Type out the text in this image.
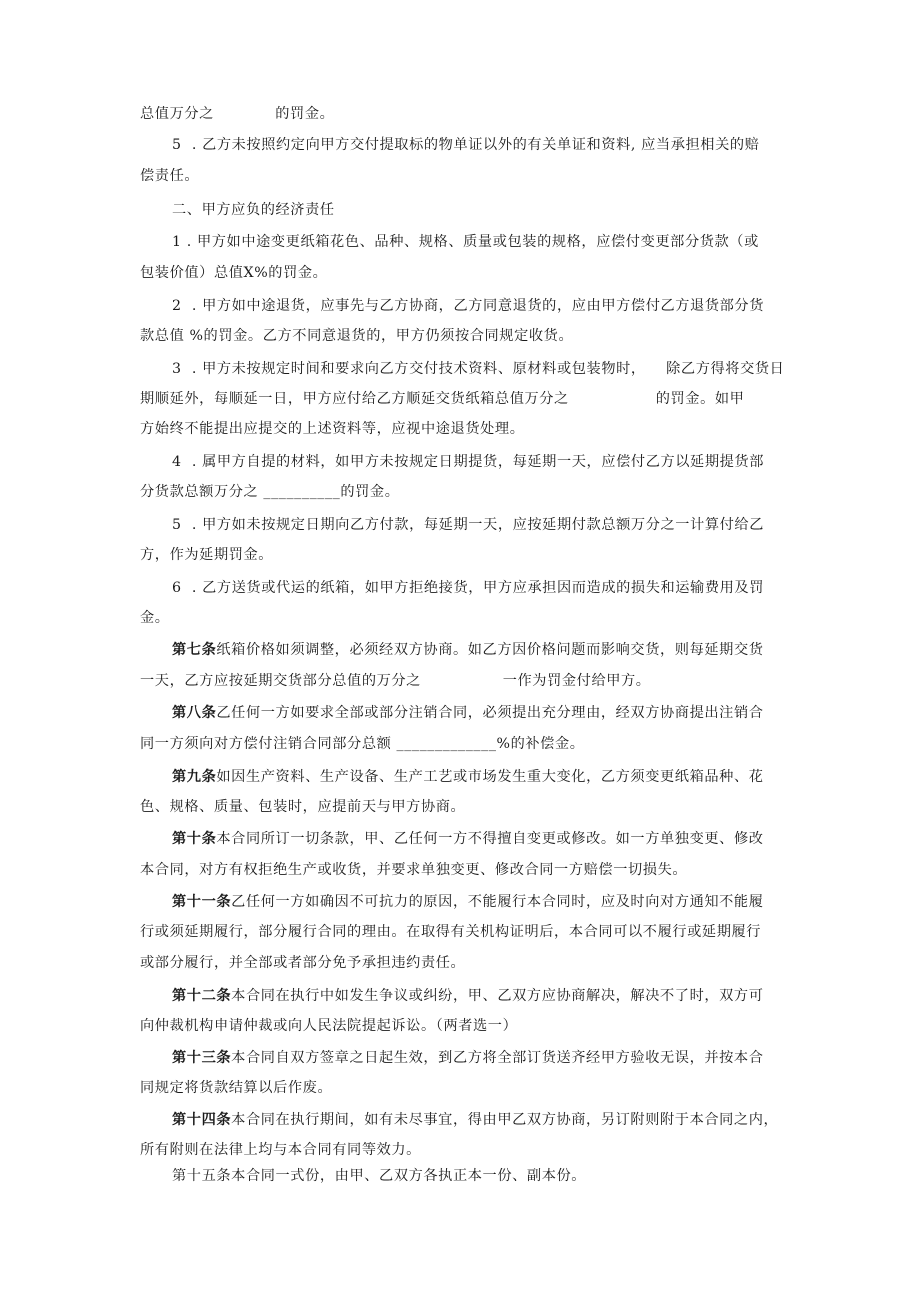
总值万分之            的罚金。
5  . 乙方未按照约定向甲方交付提取标的物单证以外的有关单证和资料, 应当承担相关的赔
偿责任。
二、甲方应负的经济责任
1 . 甲方如中途变更纸箱花色、品种、规格、质量或包装的规格，应偿付变更部分货款（或
包装价值）总值X%的罚金。
2  . 甲方如中途退货，应事先与乙方协商，乙方同意退货的，应由甲方偿付乙方退货部分货
款总值 %的罚金。乙方不同意退货的，甲方仍须按合同规定收货。
3  . 甲方未按规定时间和要求向乙方交付技术资料、原材料或包装物时，    除乙方得将交货日
期顺延外，每顺延一日，甲方应付给乙方顺延交货纸箱总值万分之                 的罚金。如甲
方始终不能提出应提交的上述资料等，应视中途退货处理。
4  . 属甲方自提的材料，如甲方未按规定日期提货，每延期一天，应偿付乙方以延期提货部
分货款总额万分之 __________的罚金。
5  . 甲方如未按规定日期向乙方付款，每延期一天，应按延期付款总额万分之一计算付给乙
方，作为延期罚金。
6  . 乙方送货或代运的纸箱，如甲方拒绝接货，甲方应承担因而造成的损失和运输费用及罚
金。
第七条纸箱价格如须调整，必须经双方协商。如乙方因价格问题而影响交货，则每延期交货
一天，乙方应按延期交货部分总值的万分之                一作为罚金付给甲方。
第八条乙任何一方如要求全部或部分注销合同，必须提出充分理由，经双方协商提出注销合
同一方须向对方偿付注销合同部分总额 _____________%的补偿金。
第九条如因生产资料、生产设备、生产工艺或市场发生重大变化，乙方须变更纸箱品种、花
色、规格、质量、包装时，应提前天与甲方协商。
第十条本合同所订一切条款，甲、乙任何一方不得擅自变更或修改。如一方单独变更、修改
本合同，对方有权拒绝生产或收货，并要求单独变更、修改合同一方赔偿一切损失。
第十一条乙任何一方如确因不可抗力的原因，不能履行本合同时，应及时向对方通知不能履
行或须延期履行，部分履行合同的理由。在取得有关机构证明后，本合同可以不履行或延期履行
或部分履行，并全部或者部分免予承担违约责任。
第十二条本合同在执行中如发生争议或纠纷，甲、乙双方应协商解决，解决不了时，双方可
向仲裁机构申请仲裁或向人民法院提起诉讼。（两者选一）
第十三条本合同自双方签章之日起生效，到乙方将全部订货送齐经甲方验收无误，并按本合
同规定将货款结算以后作废。
第十四条本合同在执行期间，如有未尽事宜，得由甲乙双方协商，另订附则附于本合同之内，
所有附则在法律上均与本合同有同等效力。
第十五条本合同一式份，由甲、乙双方各执正本一份、副本份。
